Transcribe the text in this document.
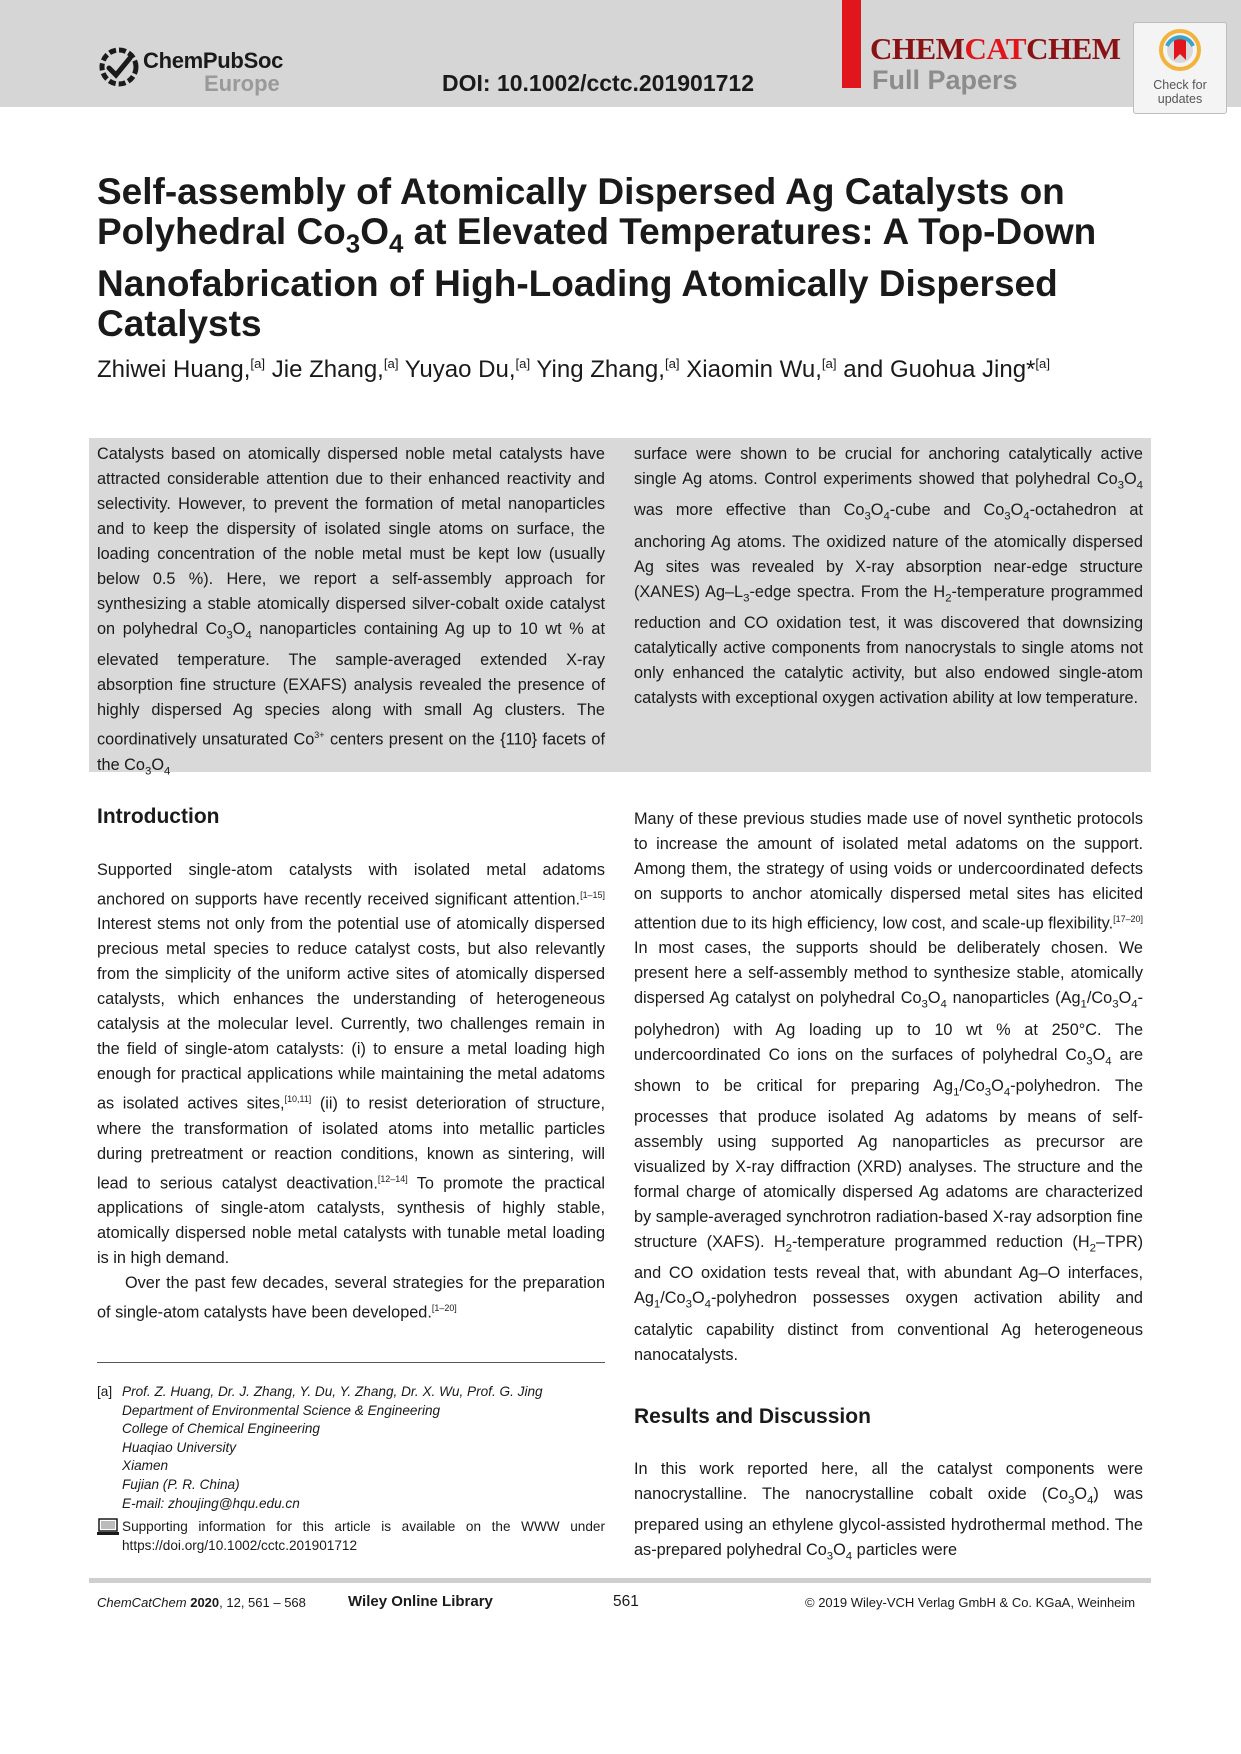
ChemPubSoc
Europe	DOI: 10.1002/cctc.201901712
CHEMCATCHEM
Full Papers	Check for
updates
Self-assembly of Atomically Dispersed Ag Catalysts on Polyhedral $Co_3O_4$ at Elevated Temperatures: A Top-Down Nanofabrication of High-Loading Atomically Dispersed Catalysts
Zhiwei Huang,[a] Jie Zhang,[a] Yuyao Du,[a] Ying Zhang,[a] Xiaomin Wu,[a] and Guohua Jing*[a]

Catalysts based on atomically dispersed noble metal catalysts have attracted considerable attention due to their enhanced reactivity and selectivity. However, to prevent the formation of metal nanoparticles and to keep the dispersity of isolated single atoms on surface, the loading concentration of the noble metal must be kept low (usually below 0.5 %). Here, we report a self-assembly approach for synthesizing a stable atomically dispersed silver-cobalt oxide catalyst on polyhedral $Co_3O_4$ nanoparticles containing Ag up to 10 wt % at elevated temperature. The sample-averaged extended X-ray absorption fine structure (EXAFS) analysis revealed the presence of highly dispersed Ag species along with small Ag clusters. The coordinatively unsaturated $Co^{3+}$ centers present on the {110} facets of the $Co_3O_4$

surface were shown to be crucial for anchoring catalytically active single Ag atoms. Control experiments showed that polyhedral $Co_3O_4$ was more effective than $Co_3O_4$-cube and $Co_3O_4$-octahedron at anchoring Ag atoms. The oxidized nature of the atomically dispersed Ag sites was revealed by X-ray absorption near-edge structure (XANES) $Ag-L_3$-edge spectra. From the $H_2$-temperature programmed reduction and CO oxidation test, it was discovered that downsizing catalytically active components from nanocrystals to single atoms not only enhanced the catalytic activity, but also endowed single-atom catalysts with exceptional oxygen activation ability at low temperature.

Introduction

Supported single-atom catalysts with isolated metal adatoms anchored on supports have recently received significant attention.[1–15] Interest stems not only from the potential use of atomically dispersed precious metal species to reduce catalyst costs, but also relevantly from the simplicity of the uniform active sites of atomically dispersed catalysts, which enhances the understanding of heterogeneous catalysis at the molecular level. Currently, two challenges remain in the field of single-atom catalysts: (i) to ensure a metal loading high enough for practical applications while maintaining the metal adatoms as isolated actives sites,[10,11] (ii) to resist deterioration of structure, where the transformation of isolated atoms into metallic particles during pretreatment or reaction conditions, known as sintering, will lead to serious catalyst deactivation.[12–14] To promote the practical applications of single-atom catalysts, synthesis of highly stable, atomically dispersed noble metal catalysts with tunable metal loading is in high demand.

Over the past few decades, several strategies for the preparation of single-atom catalysts have been developed.[1–20]

Many of these previous studies made use of novel synthetic protocols to increase the amount of isolated metal adatoms on the support. Among them, the strategy of using voids or undercoordinated defects on supports to anchor atomically dispersed metal sites has elicited attention due to its high efficiency, low cost, and scale-up flexibility.[17–20] In most cases, the supports should be deliberately chosen. We present here a self-assembly method to synthesize stable, atomically dispersed Ag catalyst on polyhedral $Co_3O_4$ nanoparticles $(Ag_1/Co_3O_4-polyhedron)$ with Ag loading up to 10 wt % at 250°C. The undercoordinated Co ions on the surfaces of polyhedral $Co_3O_4$ are shown to be critical for preparing $Ag_1/Co_3O_4$-polyhedron. The processes that produce isolated Ag adatoms by means of self-assembly using supported Ag nanoparticles as precursor are visualized by X-ray diffraction (XRD) analyses. The structure and the formal charge of atomically dispersed Ag adatoms are characterized by sample-averaged synchrotron radiation-based X-ray adsorption fine structure (XAFS). $H_2$-temperature programmed reduction $(H_2-TPR)$ and CO oxidation tests reveal that, with abundant Ag–O interfaces, $Ag_1/Co_3O_4$-polyhedron possesses oxygen activation ability and catalytic capability distinct from conventional Ag heterogeneous nanocatalysts.

Results and Discussion

In this work reported here, all the catalyst components were nanocrystalline. The nanocrystalline cobalt oxide $(Co_3O_4)$ was prepared using an ethylene glycol-assisted hydrothermal method. The as-prepared polyhedral $Co_3O_4$ particles were

[a] Prof. Z. Huang, Dr. J. Zhang, Y. Du, Y. Zhang, Dr. X. Wu, Prof. G. Jing
Department of Environmental Science & Engineering
College of Chemical Engineering
Huaqiao University
Xiamen
Fujian (P. R. China)
E-mail: zhoujing@hqu.edu.cn
Supporting information for this article is available on the WWW under https://doi.org/10.1002/cctc.201901712
ChemCatChem 2020, 12, 561 – 568	Wiley Online Library	561	© 2019 Wiley-VCH Verlag GmbH & Co. KGaA, Weinheim
